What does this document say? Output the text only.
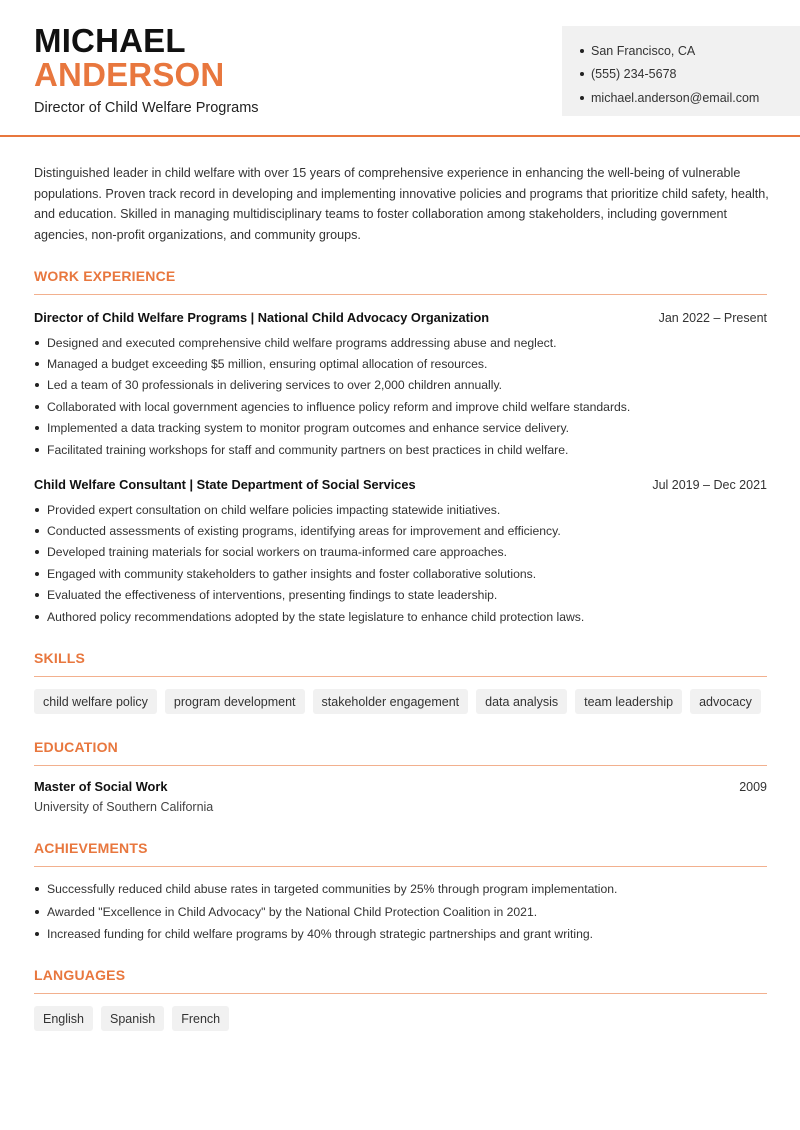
MICHAEL
ANDERSON
Director of Child Welfare Programs
San Francisco, CA
(555) 234-5678
michael.anderson@email.com

Distinguished leader in child welfare with over 15 years of comprehensive experience in enhancing the well-being of vulnerable populations. Proven track record in developing and implementing innovative policies and programs that prioritize child safety, health, and education. Skilled in managing multidisciplinary teams to foster collaboration among stakeholders, including government agencies, non-profit organizations, and community groups.

WORK EXPERIENCE
Director of Child Welfare Programs | National Child Advocacy Organization	Jan 2022 – Present
Designed and executed comprehensive child welfare programs addressing abuse and neglect.
Managed a budget exceeding $5 million, ensuring optimal allocation of resources.
Led a team of 30 professionals in delivering services to over 2,000 children annually.
Collaborated with local government agencies to influence policy reform and improve child welfare standards.
Implemented a data tracking system to monitor program outcomes and enhance service delivery.
Facilitated training workshops for staff and community partners on best practices in child welfare.
Child Welfare Consultant | State Department of Social Services	Jul 2019 – Dec 2021
Provided expert consultation on child welfare policies impacting statewide initiatives.
Conducted assessments of existing programs, identifying areas for improvement and efficiency.
Developed training materials for social workers on trauma-informed care approaches.
Engaged with community stakeholders to gather insights and foster collaborative solutions.
Evaluated the effectiveness of interventions, presenting findings to state leadership.
Authored policy recommendations adopted by the state legislature to enhance child protection laws.
SKILLS
child welfare policy	program development	stakeholder engagement	data analysis	team leadership	advocacy
EDUCATION
Master of Social Work	2009
University of Southern California
ACHIEVEMENTS
Successfully reduced child abuse rates in targeted communities by 25% through program implementation.
Awarded "Excellence in Child Advocacy" by the National Child Protection Coalition in 2021.
Increased funding for child welfare programs by 40% through strategic partnerships and grant writing.
LANGUAGES
English	Spanish	French
